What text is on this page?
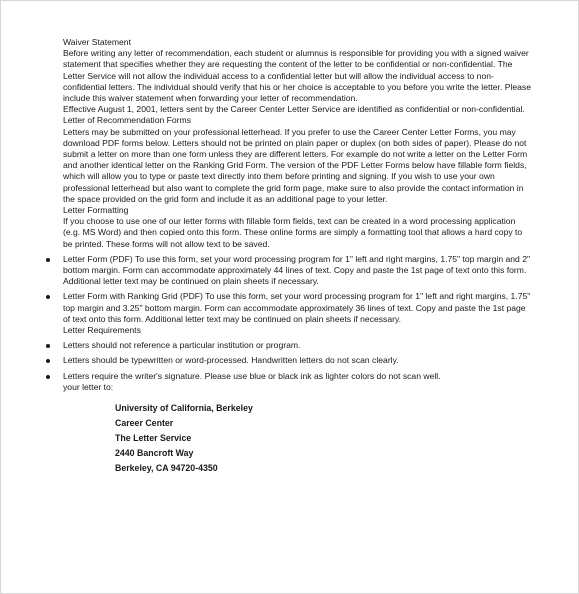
Waiver Statement

Before writing any letter of recommendation, each student or alumnus is responsible for providing you with a signed waiver statement that specifies whether they are requesting the content of the letter to be confidential or non-confidential. The Letter Service will not allow the individual access to a confidential letter but will allow the individual access to non-confidential letters. The individual should verify that his or her choice is acceptable to you before you write the letter. Please include this waiver statement when forwarding your letter of recommendation.

Effective August 1, 2001, letters sent by the Career Center Letter Service are identified as confidential or non-confidential.

Letter of Recommendation Forms

Letters may be submitted on your professional letterhead. If you prefer to use the Career Center Letter Forms, you may download PDF forms below. Letters should not be printed on plain paper or duplex (on both sides of paper). Please do not submit a letter on more than one form unless they are different letters. For example do not write a letter on the Letter Form and another identical letter on the Ranking Grid Form. The version of the PDF Letter Forms below have fillable form fields, which will allow you to type or paste text directly into them before printing and signing. If you wish to use your own professional letterhead but also want to complete the grid form page, make sure to also provide the contact information in the space provided on the grid form and include it as an additional page to your letter.

Letter Formatting

If you choose to use one of our letter forms with fillable form fields, text can be created in a word processing application (e.g. MS Word) and then copied onto this form. These online forms are simply a formatting tool that allows a hard copy to be printed. These forms will not allow text to be saved.

Letter Form (PDF) To use this form, set your word processing program for 1" left and right margins, 1.75" top margin and 2" bottom margin. Form can accommodate approximately 44 lines of text. Copy and paste the 1st page of text onto this form. Additional letter text may be continued on plain sheets if necessary.
Letter Form with Ranking Grid (PDF) To use this form, set your word processing program for 1" left and right margins, 1.75" top margin and 3.25" bottom margin. Form can accommodate approximately 36 lines of text. Copy and paste the 1st page of text onto this form. Additional letter text may be continued on plain sheets if necessary.

Letter Requirements

Letters should not reference a particular institution or program.
Letters should be typewritten or word-processed. Handwritten letters do not scan clearly.
Letters require the writer's signature. Please use blue or black ink as lighter colors do not scan well.

your letter to:

University of California, Berkeley
Career Center
The Letter Service
2440 Bancroft Way
Berkeley, CA 94720-4350
